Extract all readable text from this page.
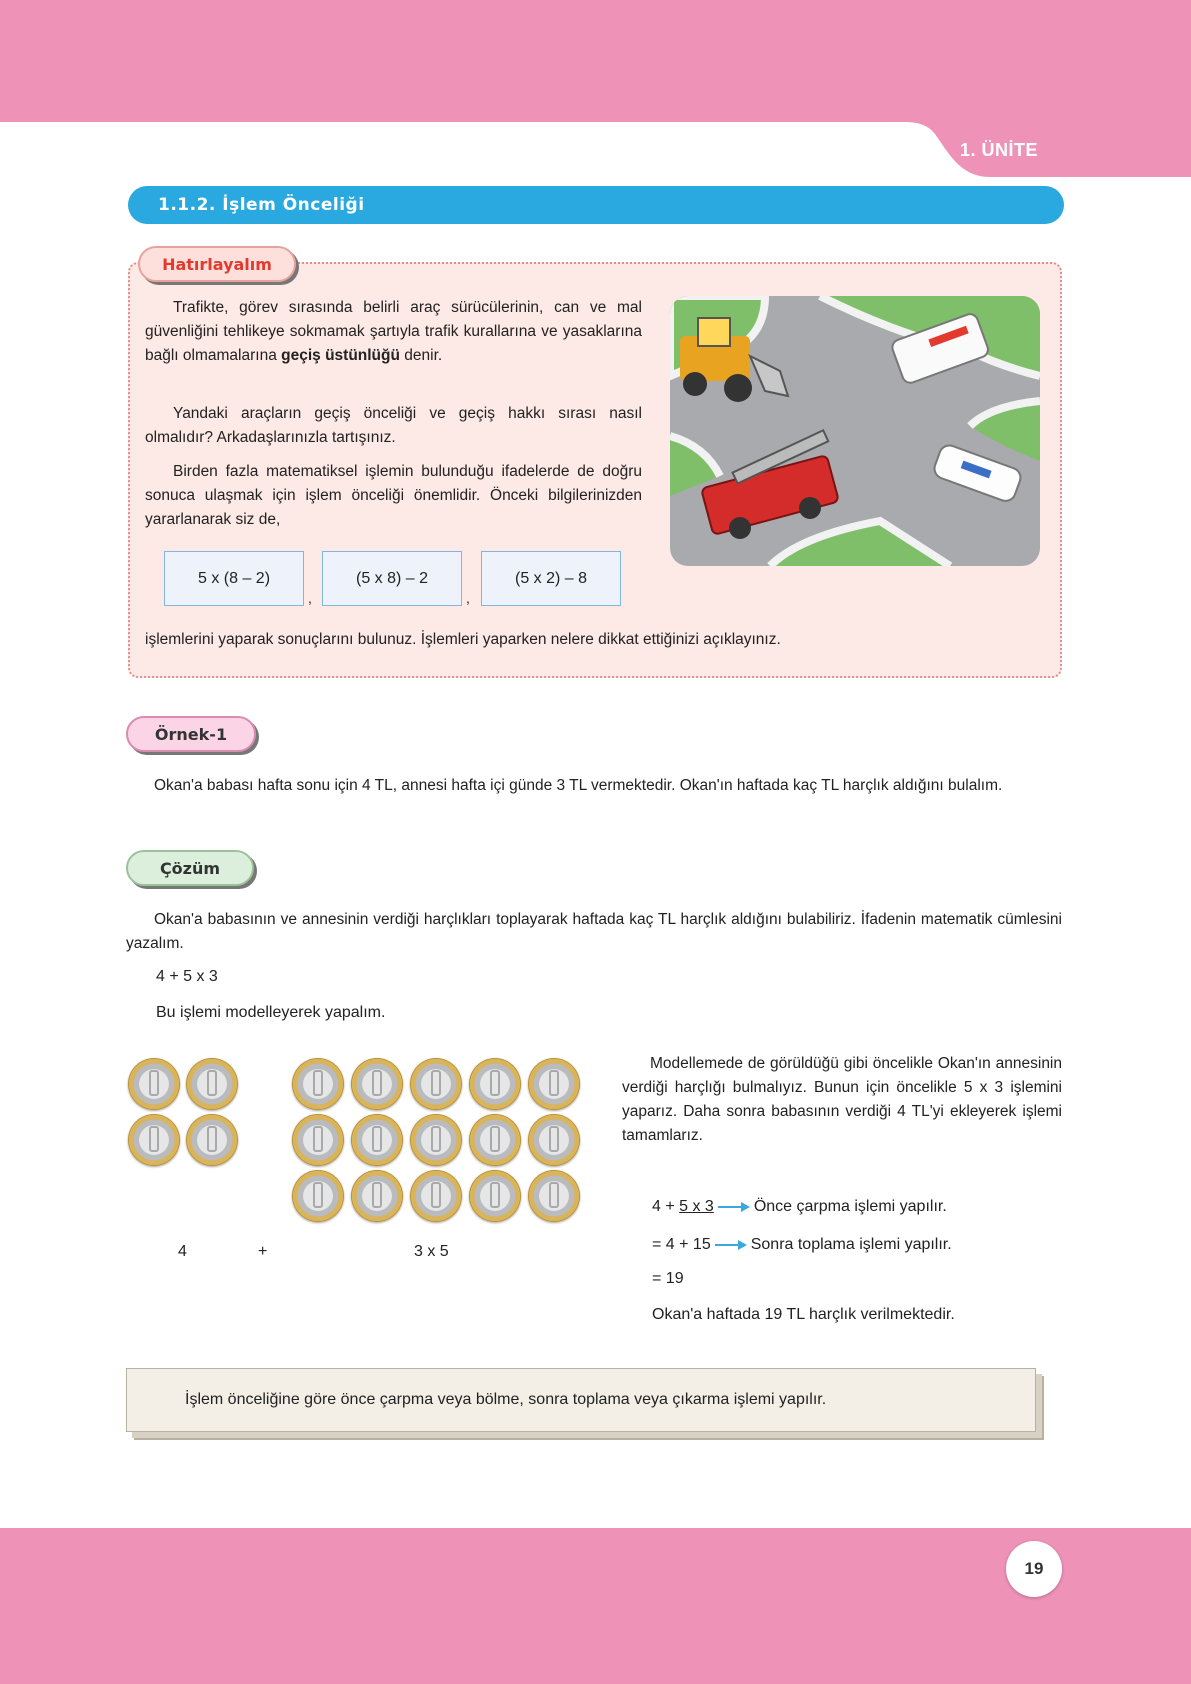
1. ÜNİTE
1.1.2. İşlem Önceliği
Hatırlayalım

Trafikte, görev sırasında belirli araç sürücülerinin, can ve mal güvenliğini tehlikeye sokmamak şartıyla trafik kurallarına ve yasaklarına bağlı olmamalarına geçiş üstünlüğü denir.

Yandaki araçların geçiş önceliği ve geçiş hakkı sırası nasıl olmalıdır? Arkadaşlarınızla tartışınız.

Birden fazla matematiksel işlemin bulunduğu ifadelerde de doğru sonuca ulaşmak için işlem önceliği önemlidir. Önceki bilgilerinizden yararlanarak siz de,

5 x (8 – 2)
,
(5 x 8) – 2
,
(5 x 2) – 8

işlemlerini yaparak sonuçlarını bulunuz. İşlemleri yaparken nelere dikkat ettiğinizi açıklayınız.

Örnek-1

Okan'a babası hafta sonu için 4 TL, annesi hafta içi günde 3 TL vermektedir. Okan'ın haftada kaç TL harçlık aldığını bulalım.

Çözüm

Okan'a babasının ve annesinin verdiği harçlıkları toplayarak haftada kaç TL harçlık aldığını bulabiliriz. İfadenin matematik cümlesini yazalım.

4 + 5 x 3
Bu işlemi modelleyerek yapalım.
4	+	3 x 5

Modellemede de görüldüğü gibi öncelikle Okan'ın annesinin verdiği harçlığı bulmalıyız. Bunun için öncelikle 5 x 3 işlemini yaparız. Daha sonra babasının verdiği 4 TL'yi ekleyerek işlemi tamamlarız.

4 + 5 x 3	Önce çarpma işlemi yapılır.
= 4 + 15	Sonra toplama işlemi yapılır.
= 19
Okan'a haftada 19 TL harçlık verilmektedir.
İşlem önceliğine göre önce çarpma veya bölme, sonra toplama veya çıkarma işlemi yapılır.
19
